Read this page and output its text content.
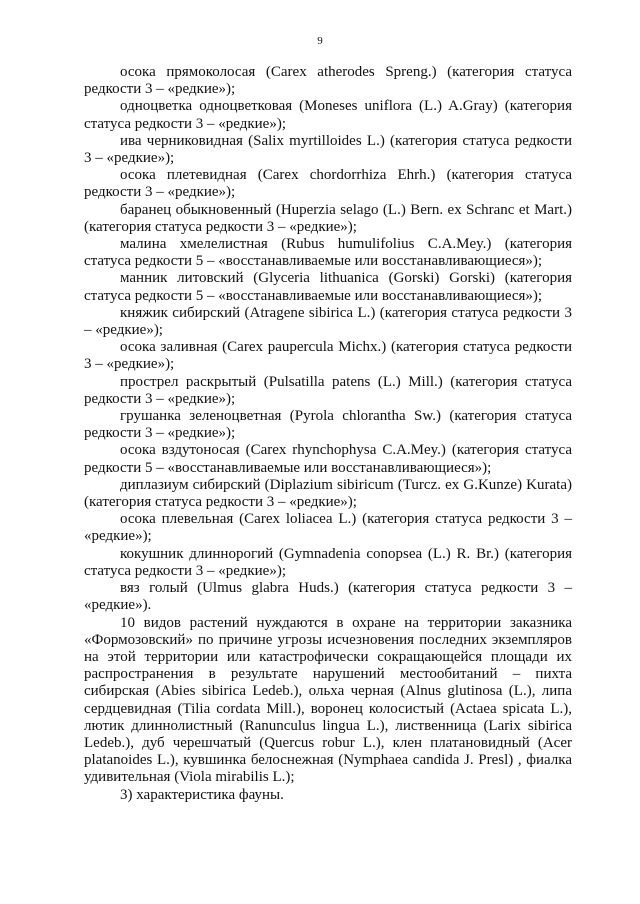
9

осока прямоколосая (Carex atherodes Spreng.) (категория статуса редкости 3 – «редкие»);

одноцветка одноцветковая (Moneses uniflora (L.) A.Gray) (категория статуса редкости 3 – «редкие»);

ива черниковидная (Salix myrtilloides L.) (категория статуса редкости 3 – «редкие»);

осока плетевидная (Carex chordorrhiza Ehrh.) (категория статуса редкости 3 – «редкие»);

баранец обыкновенный (Huperzia selago (L.) Bern. ex Schranc et Mart.) (категория статуса редкости 3 – «редкие»);

малина хмелелистная (Rubus humulifolius C.A.Mey.) (категория статуса редкости 5 – «восстанавливаемые или восстанавливающиеся»);

манник литовский (Glyceria lithuanica (Gorski) Gorski) (категория статуса редкости 5 – «восстанавливаемые или восстанавливающиеся»);

княжик сибирский (Atragene sibirica L.) (категория статуса редкости 3 – «редкие»);

осока заливная (Carex paupercula Michx.) (категория статуса редкости 3 – «редкие»);

прострел раскрытый (Pulsatilla patens (L.) Mill.) (категория статуса редкости 3 – «редкие»);

грушанка зеленоцветная (Pyrola chlorantha Sw.) (категория статуса редкости 3 – «редкие»);

осока вздутоносая (Carex rhynchophysa C.A.Mey.) (категория статуса редкости 5 – «восстанавливаемые или восстанавливающиеся»);

диплазиум сибирский (Diplazium sibiricum (Turcz. ex G.Kunze) Kurata) (категория статуса редкости 3 – «редкие»);

осока плевельная (Carex loliacea L.) (категория статуса редкости 3 – «редкие»);

кокушник длиннорогий (Gymnadenia conopsea (L.) R. Br.) (категория статуса редкости 3 – «редкие»);

вяз голый (Ulmus glabra Huds.) (категория статуса редкости 3 – «редкие»).

10 видов растений нуждаются в охране на территории заказника «Формозовский» по причине угрозы исчезновения последних экземпляров на этой территории или катастрофически сокращающейся площади их распространения в результате нарушений местообитаний – пихта сибирская (Abies sibirica Ledeb.), ольха черная (Alnus glutinosa (L.), липа сердцевидная (Tilia cordata Mill.), воронец колосистый (Actaea spicata L.), лютик длиннолистный (Ranunculus lingua L.), лиственница (Larix sibirica Ledeb.), дуб черешчатый (Quercus robur L.), клен платановидный (Acer platanoides L.), кувшинка белоснежная (Nymphaea candida J. Presl) , фиалка удивительная (Viola mirabilis L.);

3) характеристика фауны.
